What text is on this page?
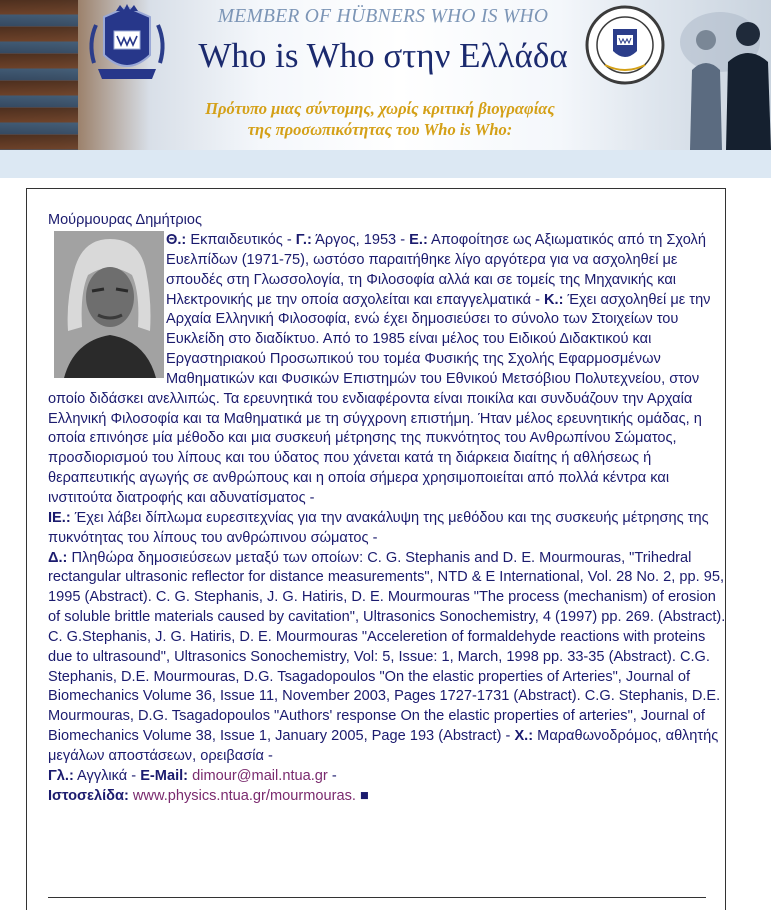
MEMBER OF HÜBNERS WHO IS WHO
Who is Who στην Ελλάδα
Πρότυπο μιας σύντομης, χωρίς κριτική βιογραφίας
της προσωπικότητας του Who is Who:
Μούρμουρας Δημήτριος
Θ.: Εκπαιδευτικός - Γ.: Άργος, 1953 - Ε.: Αποφοίτησε ως Αξιωματικός από τη Σχολή Ευελπίδων (1971-75), ωστόσο παραιτήθηκε λίγο αργότερα για να ασχοληθεί με σπουδές στη Γλωσσολογία, τη Φιλοσοφία αλλά και σε τομείς της Μηχανικής και Ηλεκτρονικής με την οποία ασχολείται και επαγγελματικά - Κ.: Έχει ασχοληθεί με την Αρχαία Ελληνική Φιλοσοφία, ενώ έχει δημοσιεύσει το σύνολο των Στοιχείων του Ευκλείδη στο διαδίκτυο. Από το 1985 είναι μέλος του Ειδικού Διδακτικού και Εργαστηριακού Προσωπικού του τομέα Φυσικής της Σχολής Εφαρμοσμένων Μαθηματικών και Φυσικών Επιστημών του Εθνικού Μετσόβιου Πολυτεχνείου, στον οποίο διδάσκει ανελλιπώς. Τα ερευνητικά του ενδιαφέροντα είναι ποικίλα και συνδυάζουν την Αρχαία Ελληνική Φιλοσοφία και τα Μαθηματικά με τη σύγχρονη επιστήμη. Ήταν μέλος ερευνητικής ομάδας, η οποία επινόησε μία μέθοδο και μια συσκευή μέτρησης της πυκνότητος του Ανθρωπίνου Σώματος, προσδιορισμού του λίπους και του ύδατος που χάνεται κατά τη διάρκεια διαίτης ή αθλήσεως ή θεραπευτικής αγωγής σε ανθρώπους και η οποία σήμερα χρησιμοποιείται από πολλά κέντρα και ινστιτούτα διατροφής και αδυνατίσματος -
ΙΕ.: Έχει λάβει δίπλωμα ευρεσιτεχνίας για την ανακάλυψη της μεθόδου και της συσκευής μέτρησης της πυκνότητας του λίπους του ανθρώπινου σώματος -
Δ.: Πληθώρα δημοσιεύσεων μεταξύ των οποίων: C. G. Stephanis and D. E. Mourmouras, "Trihedral rectangular ultrasonic reflector for distance measurements", NTD & E International, Vol. 28 No. 2, pp. 95, 1995 (Abstract). C. G. Stephanis, J. G. Hatiris, D. E. Mourmouras "The process (mechanism) of erosion of soluble brittle materials caused by cavitation", Ultrasonics Sonochemistry, 4 (1997) pp. 269. (Abstract). C. G.Stephanis, J. G. Hatiris, D. E. Mourmouras "Acceleretion of formaldehyde reactions with proteins due to ultrasound", Ultrasonics Sonochemistry, Vol: 5, Issue: 1, March, 1998 pp. 33-35 (Abstract). C.G. Stephanis, D.E. Mourmouras, D.G. Tsagadopoulos "On the elastic properties of Arteries", Journal of Biomechanics Volume 36, Issue 11, November 2003, Pages 1727-1731 (Abstract). C.G. Stephanis, D.E. Mourmouras, D.G. Tsagadopoulos "Authors' response On the elastic properties of arteries", Journal of Biomechanics Volume 38, Issue 1, January 2005, Page 193 (Abstract) - Χ.: Μαραθωνοδρόμος, αθλητής μεγάλων αποστάσεων, ορειβασία -
Γλ.: Αγγλικά - E-Mail: dimour@mail.ntua.gr -
Ιστοσελίδα: www.physics.ntua.gr/mourmouras. ■
